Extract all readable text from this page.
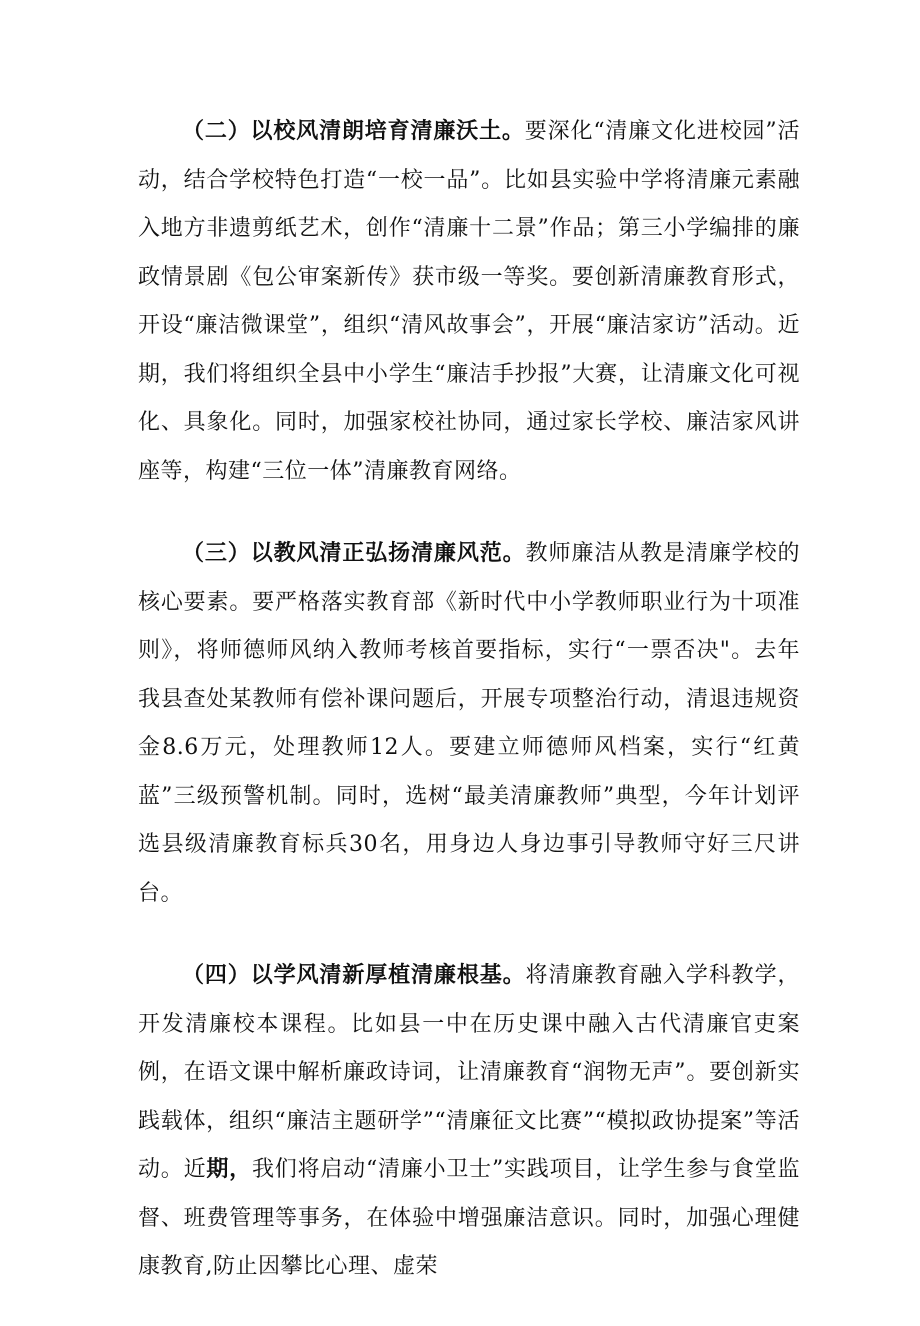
（二）以校风清朗培育清廉沃土。要深化“清廉文化进校园”活动，结合学校特色打造“一校一品”。比如县实验中学将清廉元素融入地方非遗剪纸艺术，创作“清廉十二景”作品；第三小学编排的廉政情景剧《包公审案新传》获市级一等奖。要创新清廉教育形式，开设“廉洁微课堂”，组织“清风故事会”，开展“廉洁家访”活动。近期，我们将组织全县中小学生“廉洁手抄报”大赛，让清廉文化可视化、具象化。同时，加强家校社协同，通过家长学校、廉洁家风讲座等，构建“三位一体”清廉教育网络。

（三）以教风清正弘扬清廉风范。教师廉洁从教是清廉学校的核心要素。要严格落实教育部《新时代中小学教师职业行为十项准则》，将师德师风纳入教师考核首要指标，实行“一票否决"。去年我县查处某教师有偿补课问题后，开展专项整治行动，清退违规资金8.6万元，处理教师12人。要建立师德师风档案，实行“红黄蓝”三级预警机制。同时，选树“最美清廉教师”典型，今年计划评选县级清廉教育标兵30名，用身边人身边事引导教师守好三尺讲台。

（四）以学风清新厚植清廉根基。将清廉教育融入学科教学，开发清廉校本课程。比如县一中在历史课中融入古代清廉官吏案例，在语文课中解析廉政诗词，让清廉教育“润物无声”。要创新实践载体，组织“廉洁主题研学”“清廉征文比赛”“模拟政协提案”等活动。近期，我们将启动“清廉小卫士”实践项目，让学生参与食堂监督、班费管理等事务，在体验中增强廉洁意识。同时，加强心理健康教育,防止因攀比心理、虚荣
